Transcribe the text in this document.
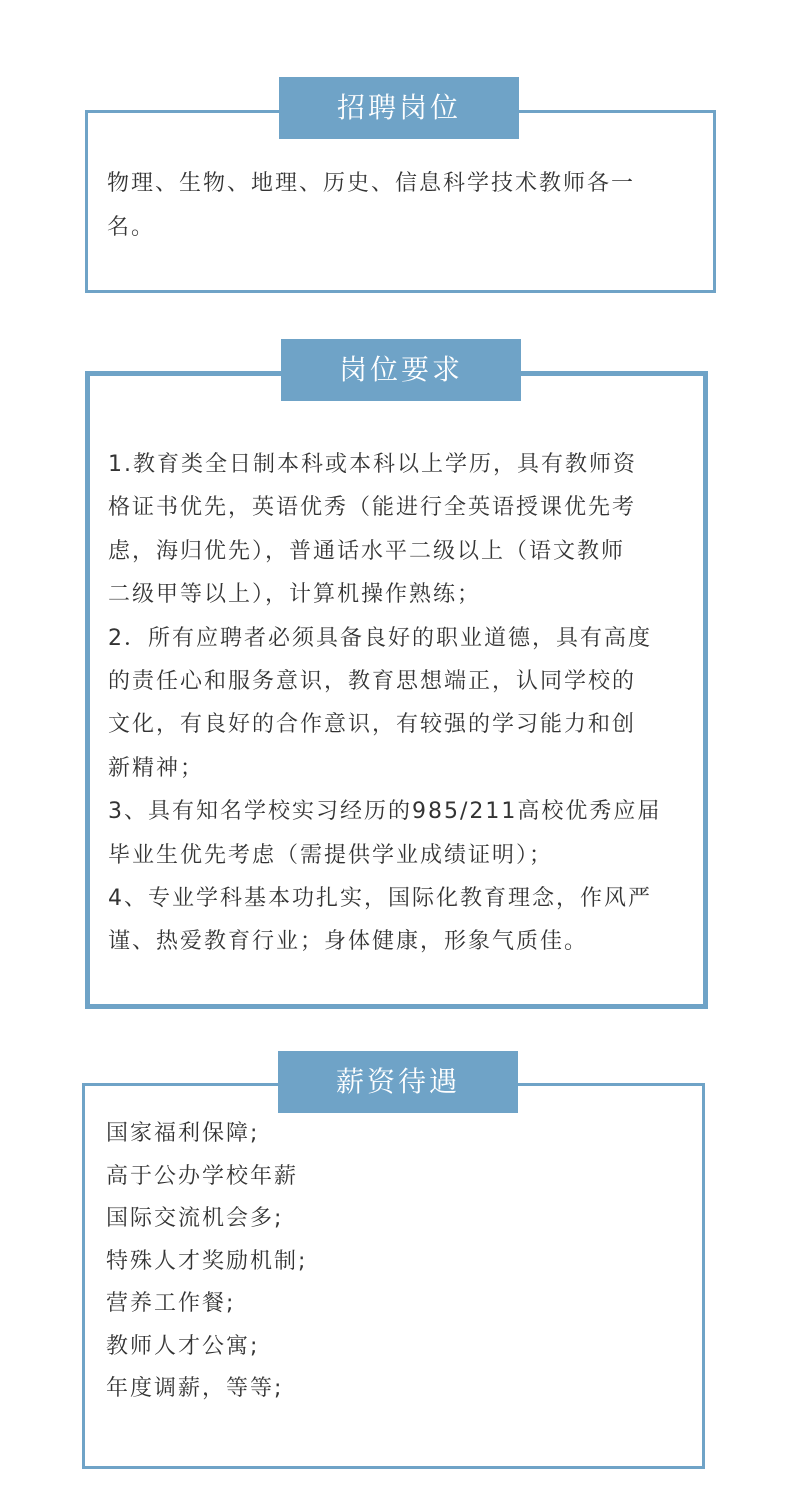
招聘岗位
物理、生物、地理、历史、信息科学技术教师各一
名。
岗位要求
1.教育类全日制本科或本科以上学历，具有教师资
格证书优先，英语优秀（能进行全英语授课优先考
虑，海归优先），普通话水平二级以上（语文教师
二级甲等以上），计算机操作熟练；
2．所有应聘者必须具备良好的职业道德，具有高度
的责任心和服务意识，教育思想端正，认同学校的
文化，有良好的合作意识，有较强的学习能力和创
新精神；
3、具有知名学校实习经历的985/211高校优秀应届
毕业生优先考虑（需提供学业成绩证明）；
4、专业学科基本功扎实，国际化教育理念，作风严
谨、热爱教育行业；身体健康，形象气质佳。
薪资待遇
国家福利保障;
高于公办学校年薪
国际交流机会多;
特殊人才奖励机制;
营养工作餐;
教师人才公寓;
年度调薪，等等;
